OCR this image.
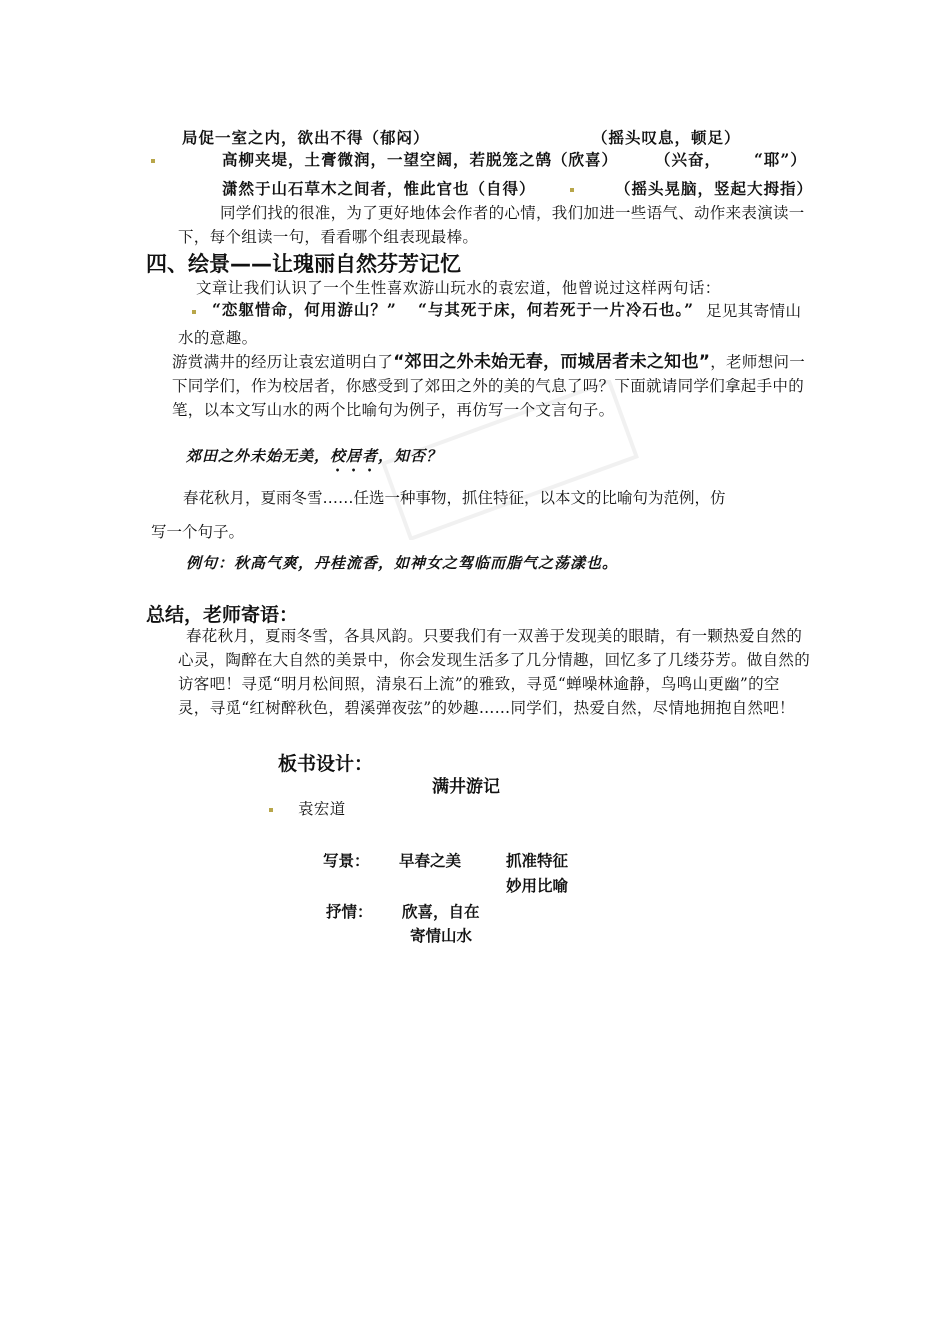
局促一室之内，欲出不得（郁闷）	（摇头叹息，顿足）
高柳夹堤，土膏微润，一望空阔，若脱笼之鹄（欣喜） （兴奋， “耶”）
潇然于山石草木之间者，惟此官也（自得）	（摇头晃脑，竖起大拇指）
同学们找的很准，为了更好地体会作者的心情，我们加进一些语气、动作来表演读一下，每个组读一句，看看哪个组表现最棒。
四、绘景——让瑰丽自然芬芳记忆
文章让我们认识了一个生性喜欢游山玩水的袁宏道，他曾说过这样两句话：
“恋躯惜命，何用游山？” “与其死于床，何若死于一片冷石也。” 足见其寄情山
水的意趣。
游赏满井的经历让袁宏道明白了“郊田之外未始无春，而城居者未之知也”，老师想问一下同学们，作为校居者，你感受到了郊田之外的美的气息了吗？下面就请同学们拿起手中的笔，以本文写山水的两个比喻句为例子，再仿写一个文言句子。
郊田之外未始无美，校居者，知否？
春花秋月，夏雨冬雪……任选一种事物，抓住特征，以本文的比喻句为范例，仿
写一个句子。
例句：秋高气爽，丹桂流香，如神女之驾临而脂气之荡漾也。
总结，老师寄语：
春花秋月，夏雨冬雪，各具风韵。只要我们有一双善于发现美的眼睛，有一颗热爱自然的心灵，陶醉在大自然的美景中，你会发现生活多了几分情趣，回忆多了几缕芬芳。做自然的访客吧！寻觅“明月松间照，清泉石上流”的雅致，寻觅“蝉噪林逾静，鸟鸣山更幽”的空灵，寻觅“红树醉秋色，碧溪弹夜弦”的妙趣……同学们，热爱自然，尽情地拥抱自然吧！
板书设计：
满井游记
袁宏道
写景： 早春之美	抓准特征
妙用比喻
抒情： 欣喜，自在
寄情山水
